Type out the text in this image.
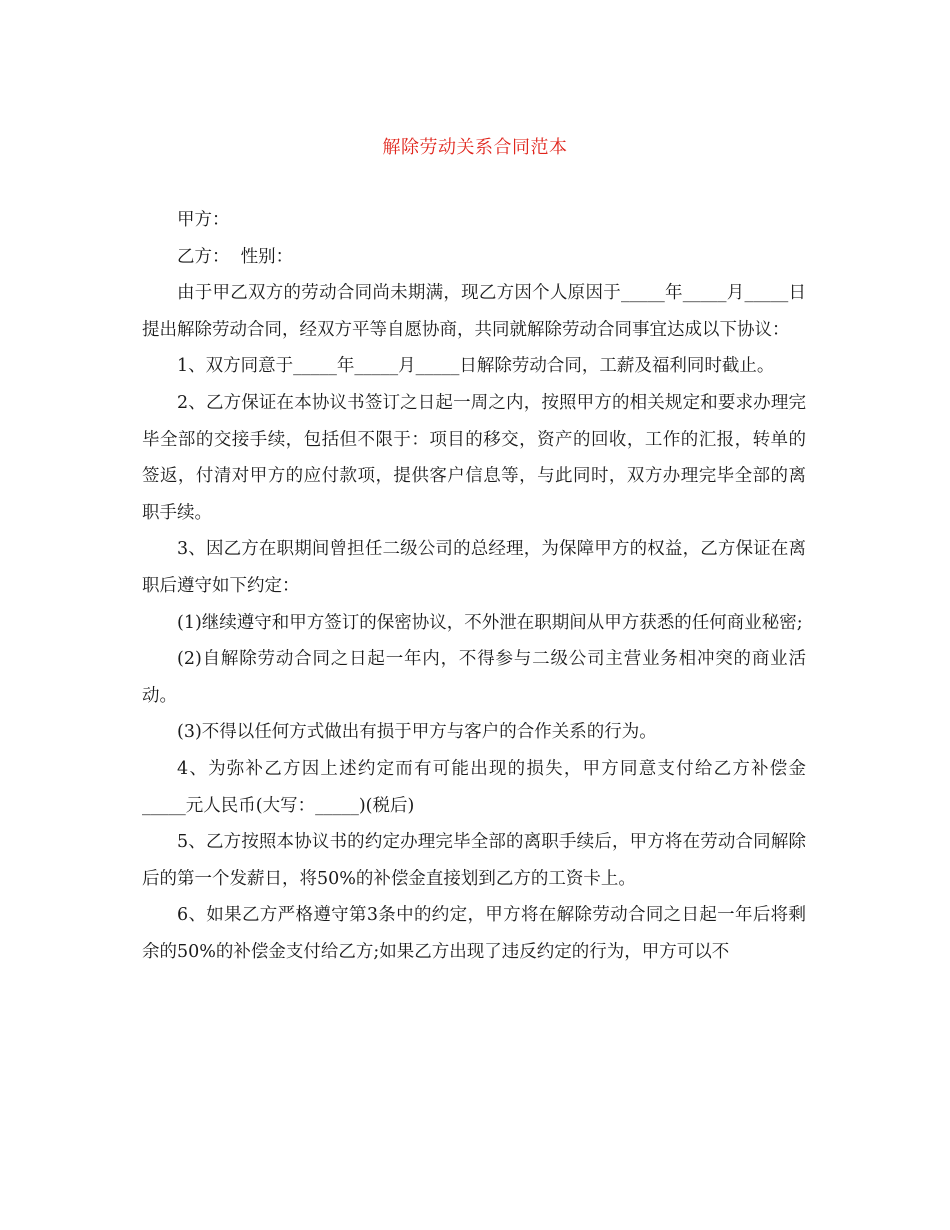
解除劳动关系合同范本

甲方：

乙方：  性别：

由于甲乙双方的劳动合同尚未期满，现乙方因个人原因于_____年_____月_____日提出解除劳动合同，经双方平等自愿协商，共同就解除劳动合同事宜达成以下协议：

1、双方同意于_____年_____月_____日解除劳动合同，工薪及福利同时截止。

2、乙方保证在本协议书签订之日起一周之内，按照甲方的相关规定和要求办理完毕全部的交接手续，包括但不限于：项目的移交，资产的回收，工作的汇报，转单的签返，付清对甲方的应付款项，提供客户信息等，与此同时，双方办理完毕全部的离职手续。

3、因乙方在职期间曾担任二级公司的总经理，为保障甲方的权益，乙方保证在离职后遵守如下约定：

(1)继续遵守和甲方签订的保密协议，不外泄在职期间从甲方获悉的任何商业秘密;

(2)自解除劳动合同之日起一年内，不得参与二级公司主营业务相冲突的商业活动。

(3)不得以任何方式做出有损于甲方与客户的合作关系的行为。

4、为弥补乙方因上述约定而有可能出现的损失，甲方同意支付给乙方补偿金_____元人民币(大写：_____)(税后)

5、乙方按照本协议书的约定办理完毕全部的离职手续后，甲方将在劳动合同解除后的第一个发薪日，将50%的补偿金直接划到乙方的工资卡上。

6、如果乙方严格遵守第3条中的约定，甲方将在解除劳动合同之日起一年后将剩余的50%的补偿金支付给乙方;如果乙方出现了违反约定的行为，甲方可以不
